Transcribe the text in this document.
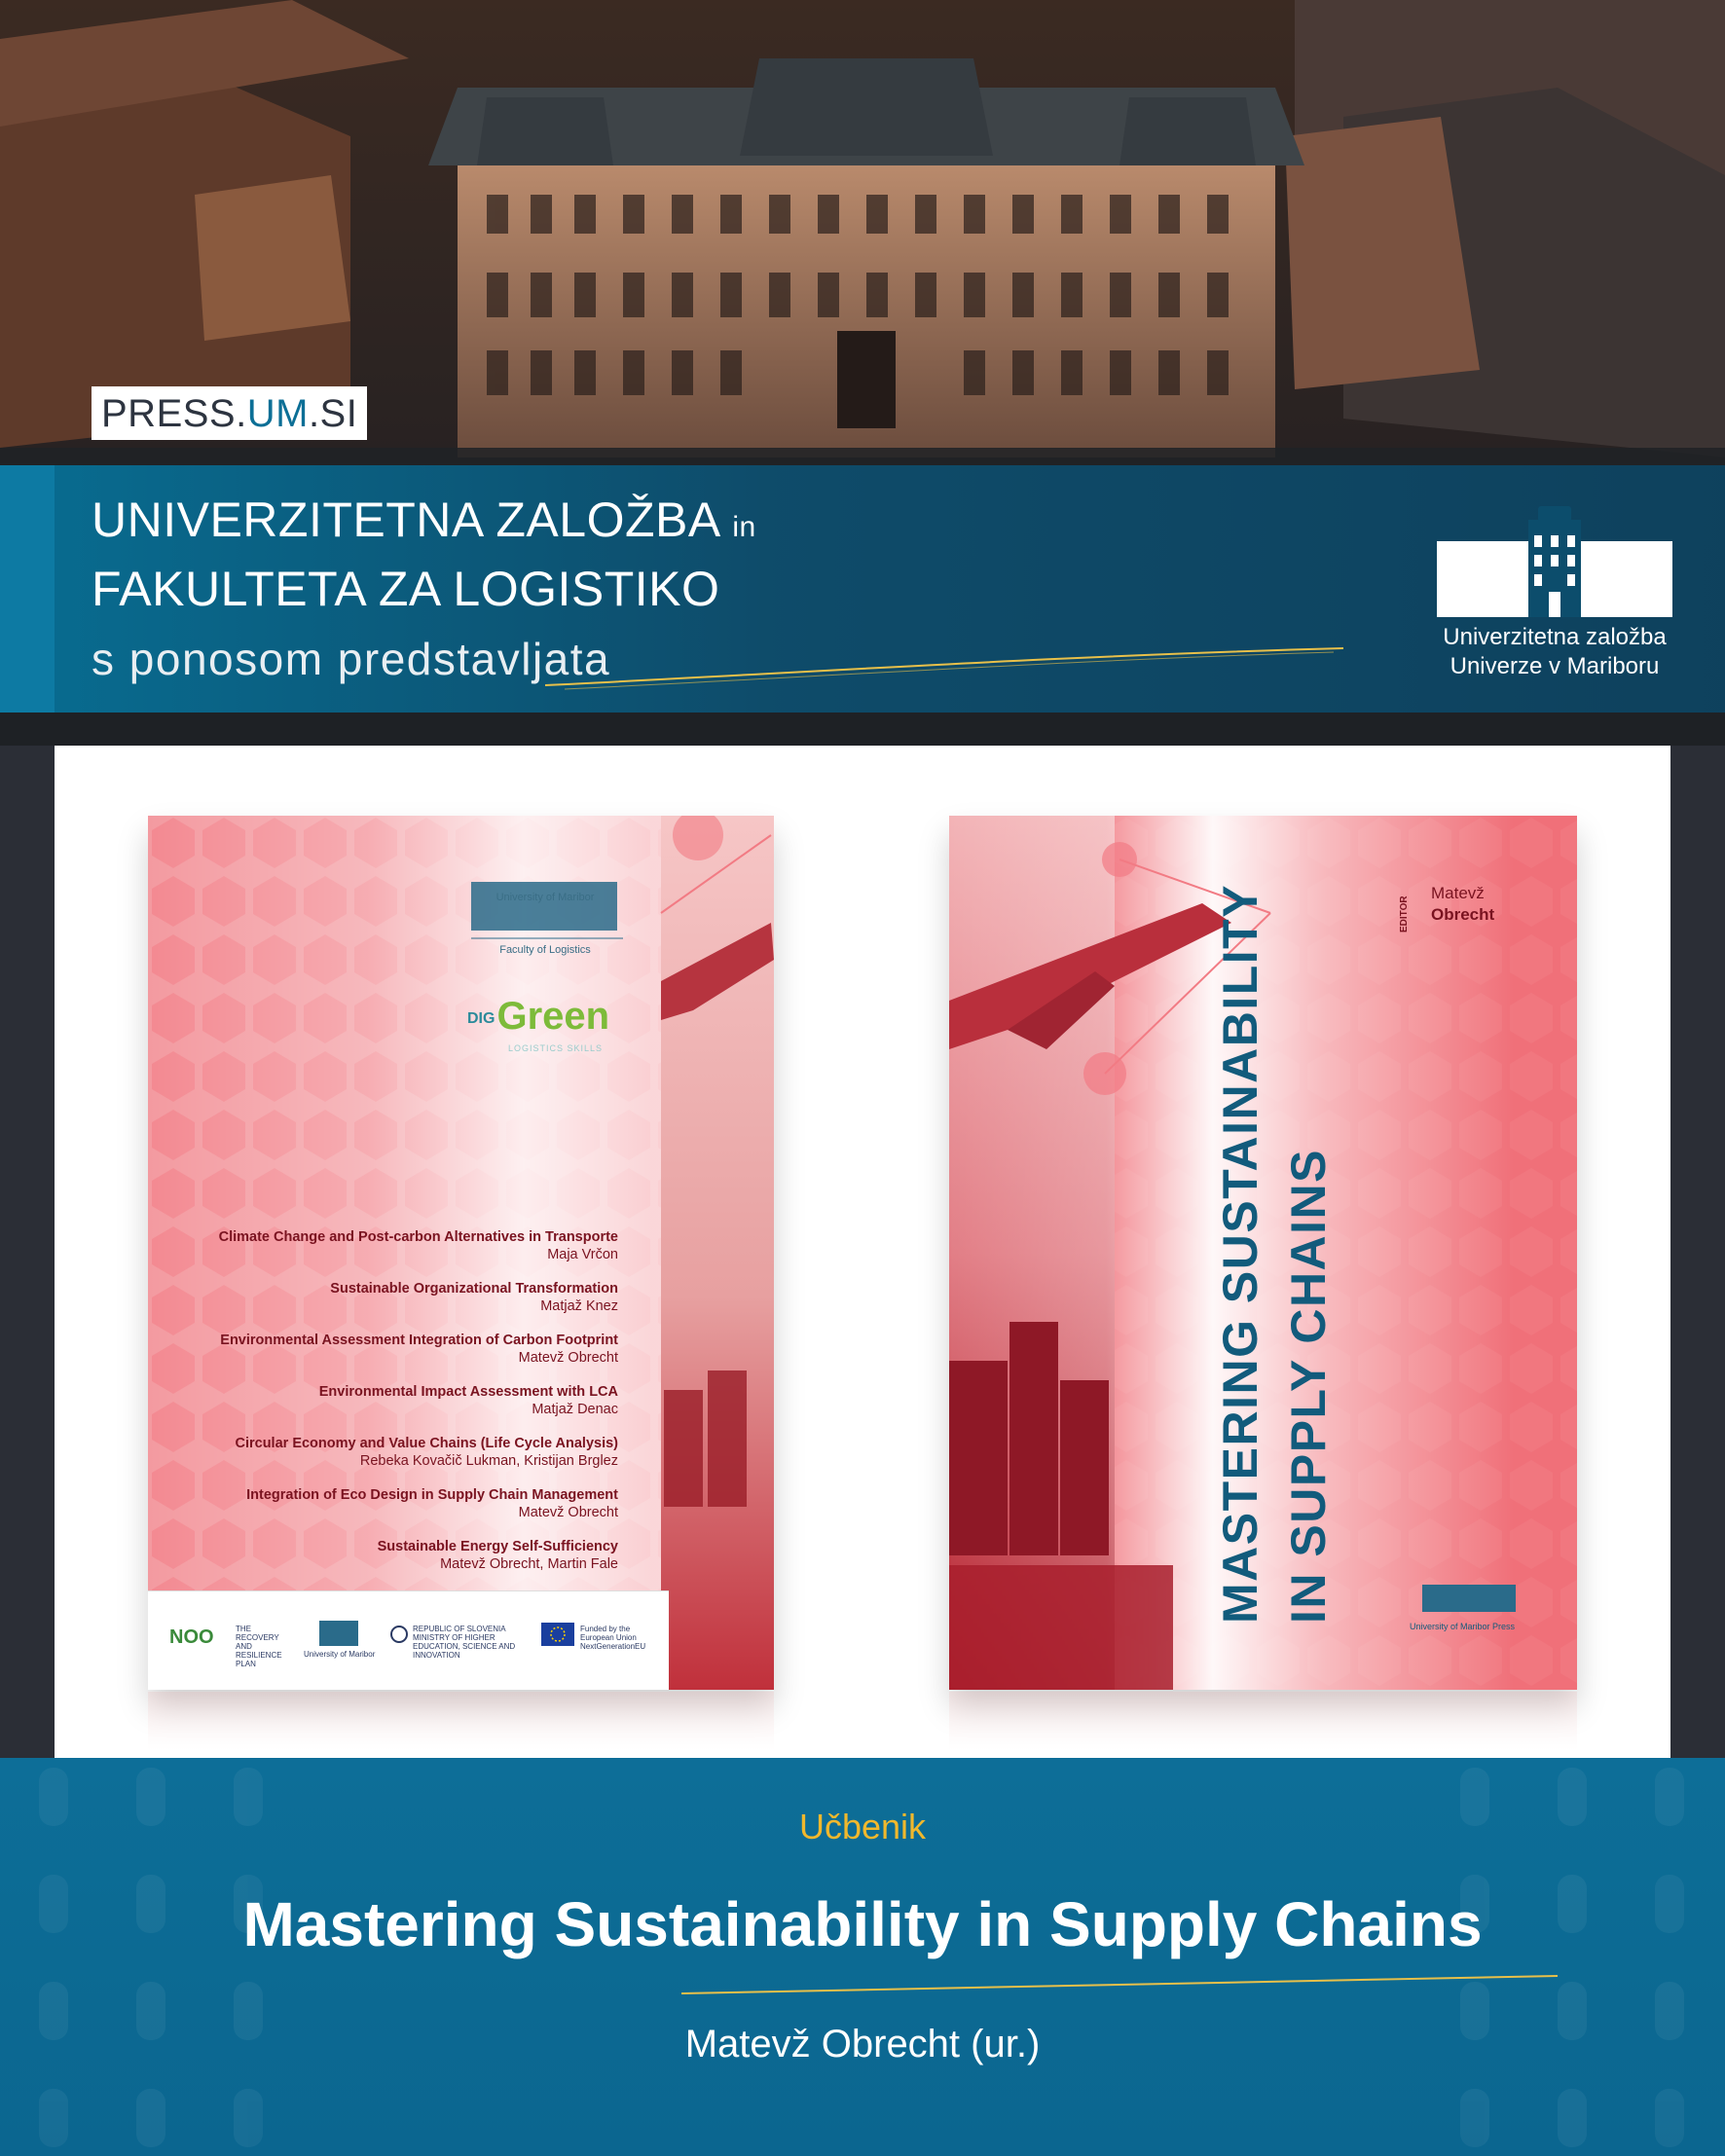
PRESS.UM.SI
UNIVERZITETNA ZALOŽBA in
FAKULTETA ZA LOGISTIKO
s ponosom predstavljata	Univerzitetna založba
Univerze v Mariboru
University of Maribor
Faculty of Logistics
DIGGreen
LOGISTICS SKILLS
Climate Change and Post-carbon Alternatives in Transporte
Maja Vrčon
Sustainable Organizational Transformation
Matjaž Knez
Environmental Assessment Integration of Carbon Footprint
Matevž Obrecht
Environmental Impact Assessment with LCA
Matjaž Denac
Circular Economy and Value Chains (Life Cycle Analysis)
Rebeka Kovačič Lukman, Kristijan Brglez
Integration of Eco Design in Supply Chain Management
Matevž Obrecht
Sustainable Energy Self-Sufficiency
Matevž Obrecht, Martin Fale
NOO	THE RECOVERY AND RESILIENCE PLAN
University of Maribor
REPUBLIC OF SLOVENIA MINISTRY OF HIGHER EDUCATION, SCIENCE AND INNOVATION
Funded by the European Union NextGenerationEU
MASTERING SUSTAINABILITY IN SUPPLY CHAINS
EDITOR
Matevž
Obrecht
University of Maribor Press
Učbenik
Mastering Sustainability in Supply Chains
Matevž Obrecht (ur.)
